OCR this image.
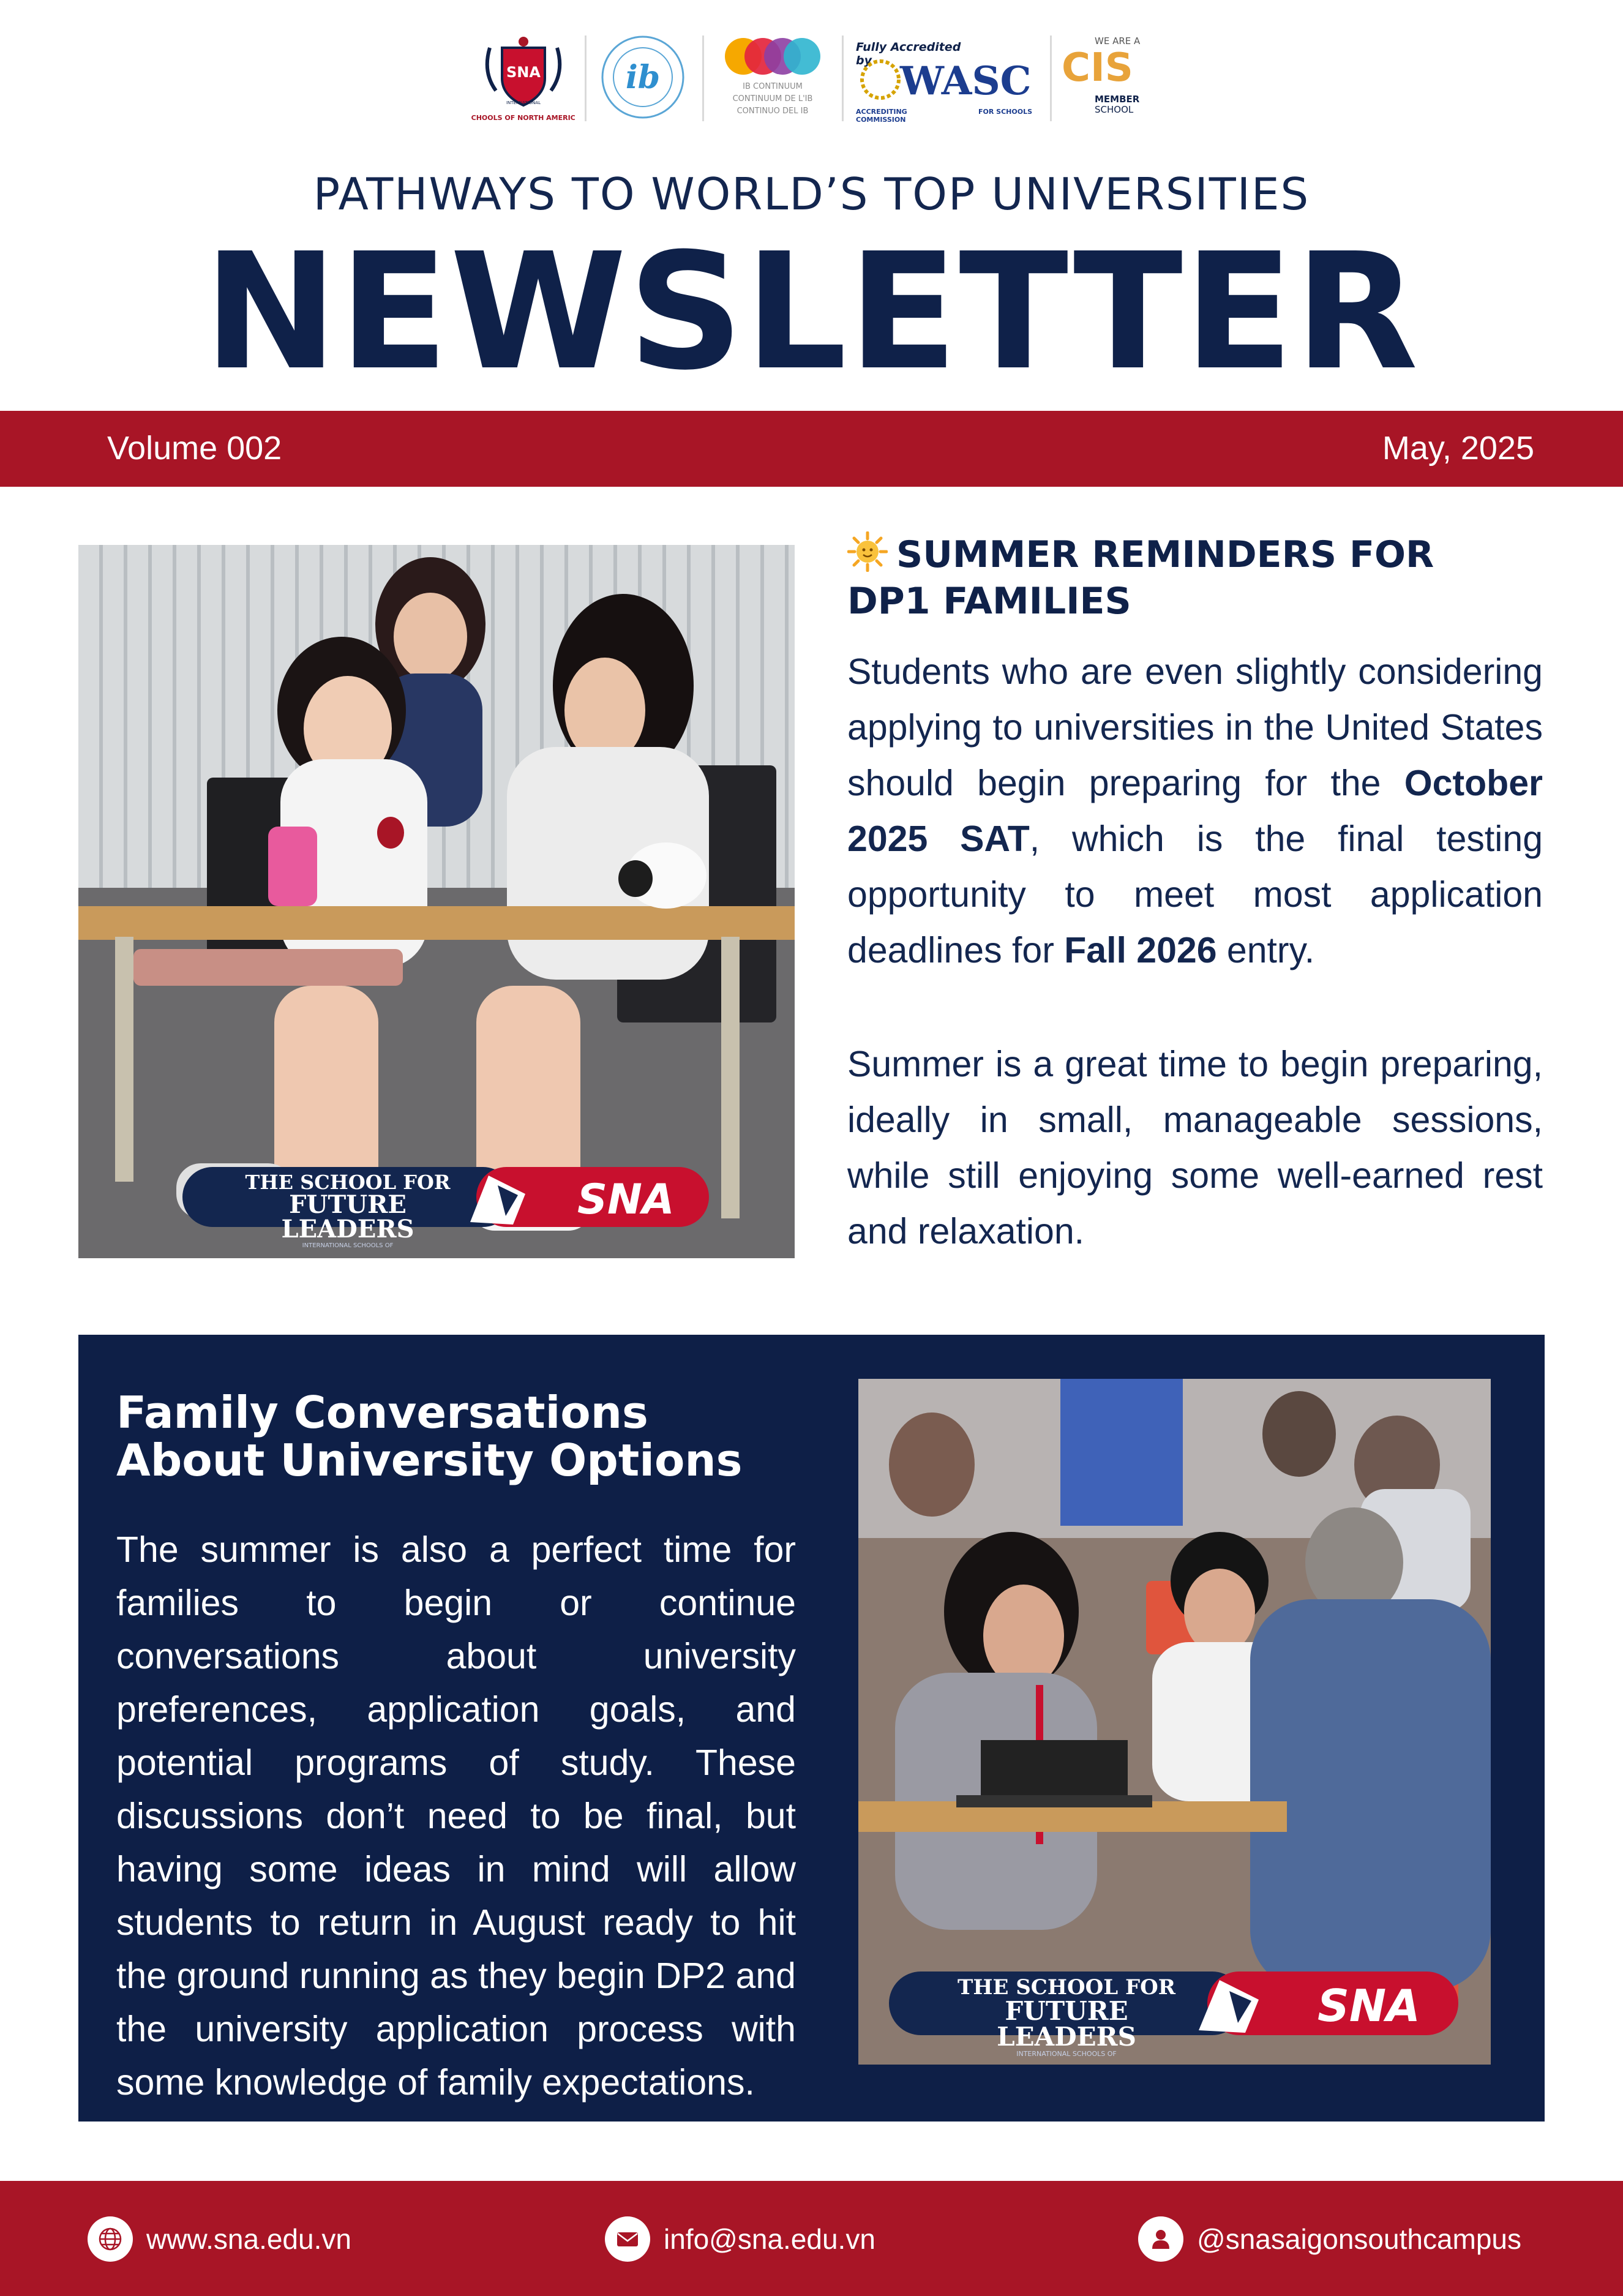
SNA
INTERNATIONAL
SCHOOLS OF NORTH AMERICA
ib	IB CONTINUUM
CONTINUUM DE L'IB
CONTINUO DEL IB
Fully Accredited by WASC
ACCREDITING COMMISSION
FOR SCHOOLS
WE ARE A
CIS
MEMBER
SCHOOL
PATHWAYS TO WORLD’S TOP UNIVERSITIES
NEWSLETTER
Volume 002	May, 2025
THE SCHOOL FOR
FUTURE LEADERS
INTERNATIONAL SCHOOLS OF
SNA
SUMMER REMINDERS FOR
DP1 FAMILIES
Students who are even slightly considering applying to universities in the United States should begin preparing for the October 2025 SAT, which is the final testing opportunity to meet most application deadlines for Fall 2026 entry.
Summer is a great time to begin preparing, ideally in small, manageable sessions, while still enjoying some well-earned rest and relaxation.
Family Conversations
About University Options
The summer is also a perfect time for families to begin or continue conversations about university preferences, application goals, and potential programs of study. These discussions don’t need to be final, but having some ideas in mind will allow students to return in August ready to hit the ground running as they begin DP2 and the university application process with some knowledge of family expectations.
THE SCHOOL FOR
FUTURE LEADERS
INTERNATIONAL SCHOOLS OF
SNA
www.sna.edu.vn	info@sna.edu.vn	@snasaigonsouthcampus
